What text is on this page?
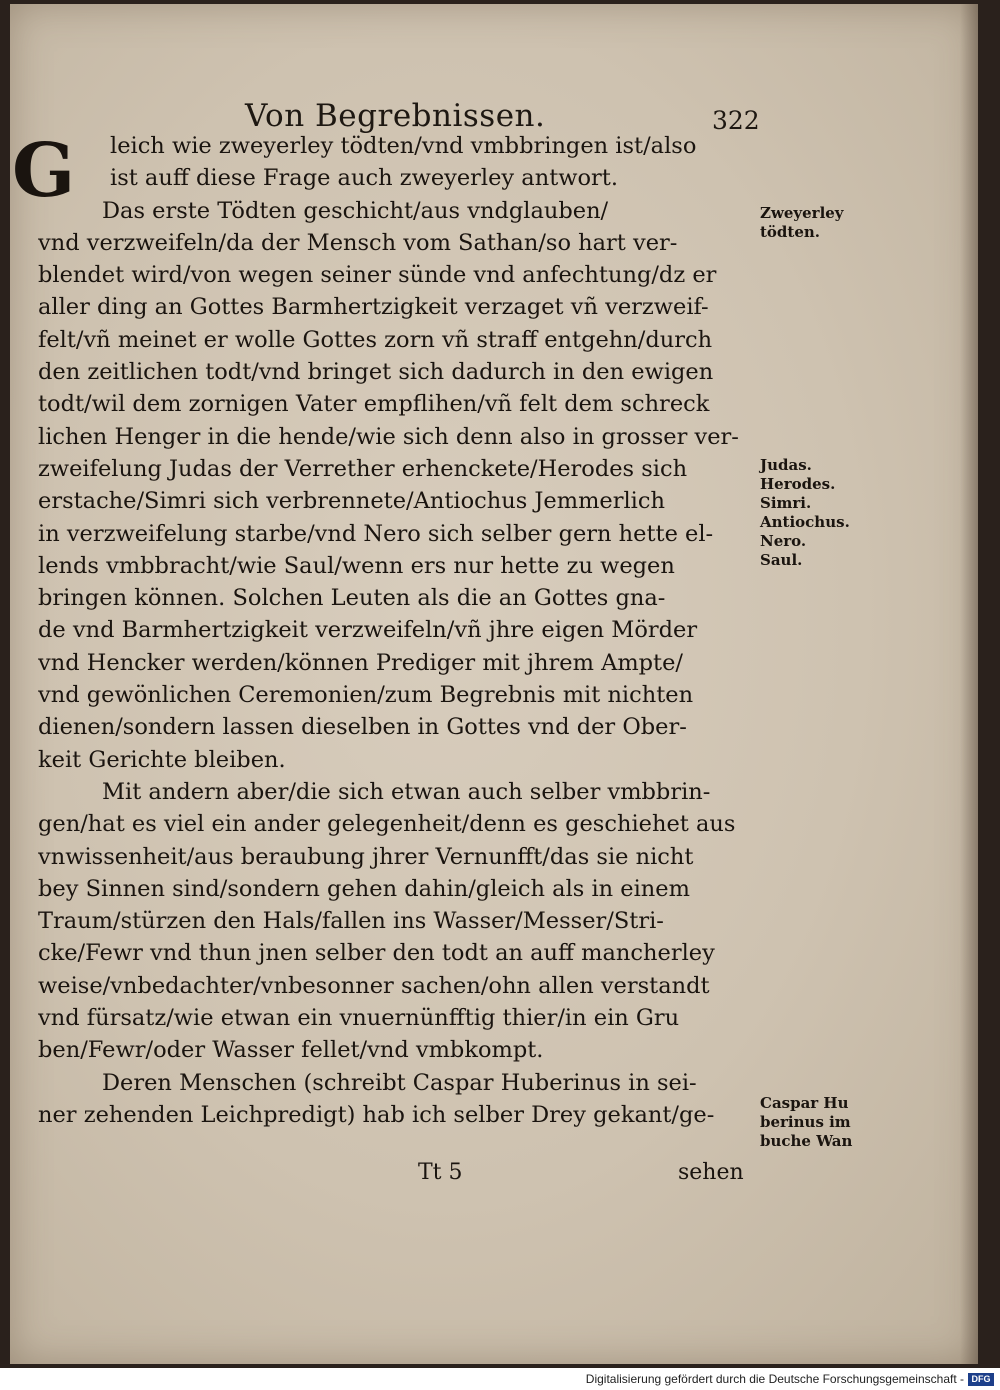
Von Begrebnissen.	322
G	leich wie zweyerley tödten/vnd vmbbringen ist/also
ist auff diese Frage auch zweyerley antwort.
Das erste Tödten geschicht/aus vndglauben/
vnd verzweifeln/da der Mensch vom Sathan/so hart ver-
blendet wird/von wegen seiner sünde vnd anfechtung/dz er
aller ding an Gottes Barmhertzigkeit verzaget vñ verzweif-
felt/vñ meinet er wolle Gottes zorn vñ straff entgehn/durch
den zeitlichen todt/vnd bringet sich dadurch in den ewigen
todt/wil dem zornigen Vater empflihen/vñ felt dem schreck
lichen Henger in die hende/wie sich denn also in grosser ver-
zweifelung Judas der Verrether erhenckete/Herodes sich
erstache/Simri sich verbrennete/Antiochus Jemmerlich
in verzweifelung starbe/vnd Nero sich selber gern hette el-
lends vmbbracht/wie Saul/wenn ers nur hette zu wegen
bringen können. Solchen Leuten als die an Gottes gna-
de vnd Barmhertzigkeit verzweifeln/vñ jhre eigen Mörder
vnd Hencker werden/können Prediger mit jhrem Ampte/
vnd gewönlichen Ceremonien/zum Begrebnis mit nichten
dienen/sondern lassen dieselben in Gottes vnd der Ober-
keit Gerichte bleiben.
Mit andern aber/die sich etwan auch selber vmbbrin-
gen/hat es viel ein ander gelegenheit/denn es geschiehet aus
vnwissenheit/aus beraubung jhrer Vernunfft/das sie nicht
bey Sinnen sind/sondern gehen dahin/gleich als in einem
Traum/stürzen den Hals/fallen ins Wasser/Messer/Stri-
cke/Fewr vnd thun jnen selber den todt an auff mancherley
weise/vnbedachter/vnbesonner sachen/ohn allen verstandt
vnd fürsatz/wie etwan ein vnuernünfftig thier/in ein Gru
ben/Fewr/oder Wasser fellet/vnd vmbkompt.
Deren Menschen (schreibt Caspar Huberinus in sei-
ner zehenden Leichpredigt) hab ich selber Drey gekant/ge-
Tt 5	sehen
Zweyerley
tödten.
Judas.
Herodes.
Simri.
Antiochus.
Nero.
Saul.
Caspar Hu
berinus im
buche Wan
Digitalisierung gefördert durch die Deutsche Forschungsgemeinschaft - DFG
